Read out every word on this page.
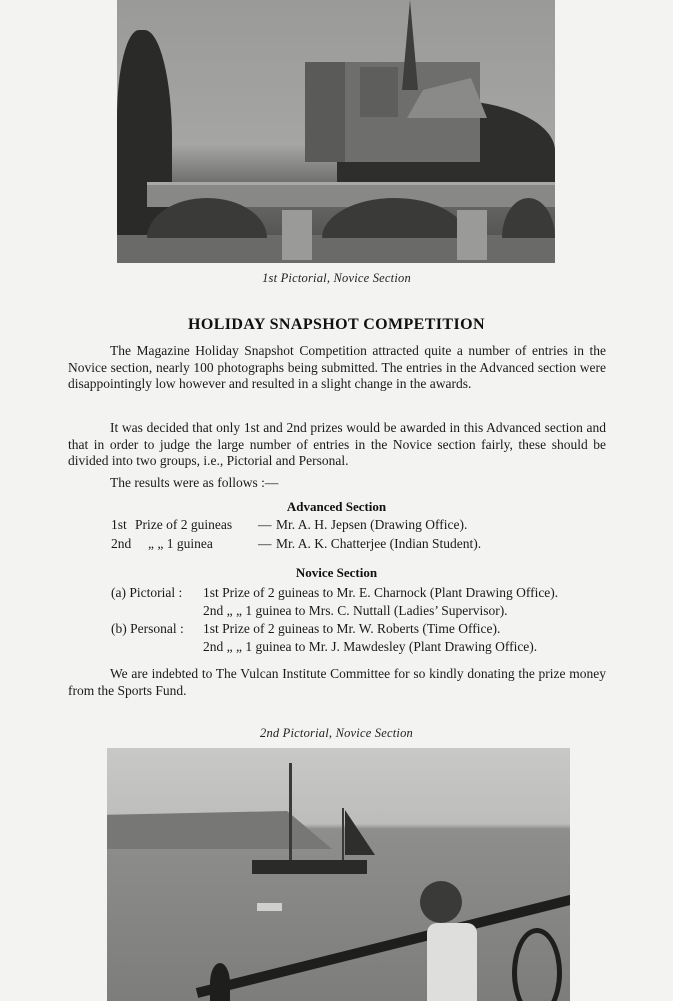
1st Pictorial, Novice Section
HOLIDAY SNAPSHOT COMPETITION

The Magazine Holiday Snapshot Competition attracted quite a number of entries in the Novice section, nearly 100 photographs being submitted. The entries in the Advanced section were disappointingly low however and resulted in a slight change in the awards.

It was decided that only 1st and 2nd prizes would be awarded in this Advanced section and that in order to judge the large number of entries in the Novice section fairly, these should be divided into two groups, i.e., Pictorial and Personal.

The results were as follows :—

Advanced Section
1st Prize of 2 guineas — Mr. A. H. Jepsen (Drawing Office).
2nd „ „ 1 guinea	— Mr. A. K. Chatterjee (Indian Student).
Novice Section
(a) Pictorial : 1st Prize of 2 guineas to Mr. E. Charnock (Plant Drawing Office).
2nd „ „ 1 guinea to Mrs. C. Nuttall (Ladies’ Supervisor).
(b) Personal : 1st Prize of 2 guineas to Mr. W. Roberts (Time Office).
2nd „ „ 1 guinea to Mr. J. Mawdesley (Plant Drawing Office).

We are indebted to The Vulcan Institute Committee for so kindly donating the prize money from the Sports Fund.

2nd Pictorial, Novice Section
